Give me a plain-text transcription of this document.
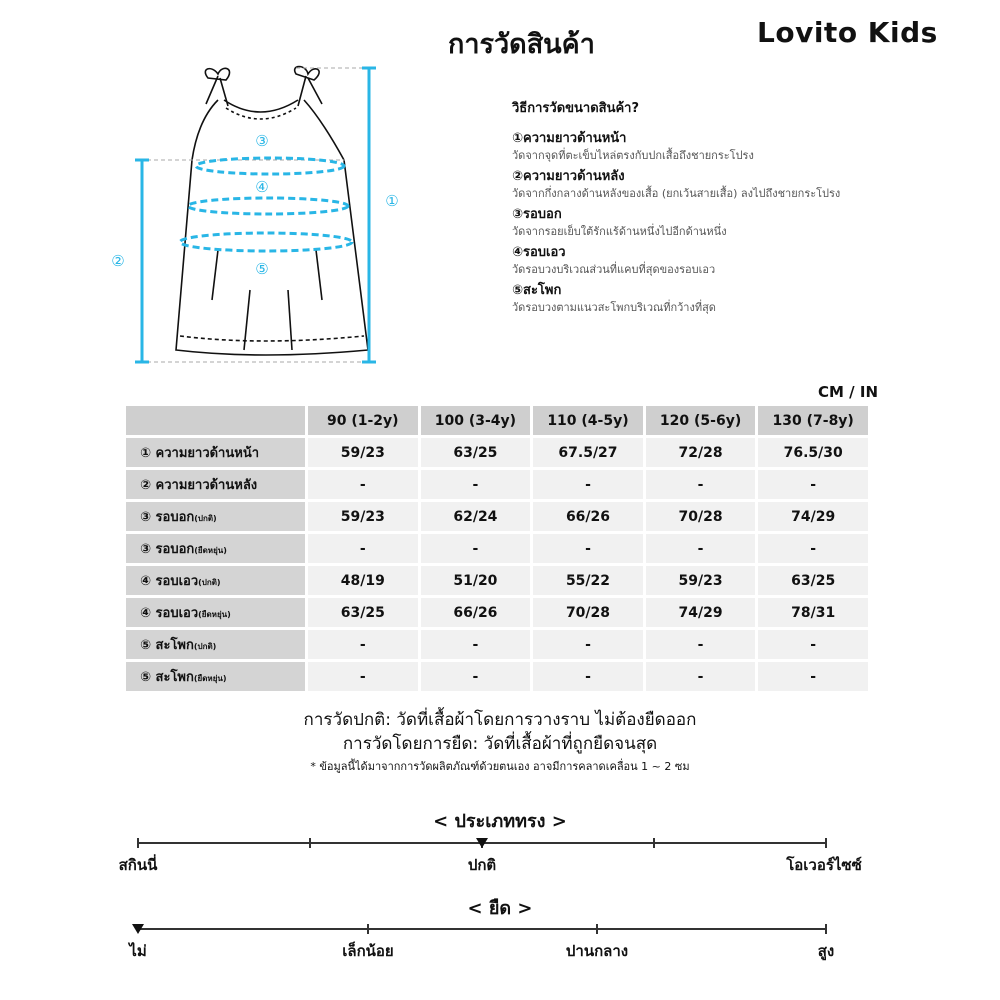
การวัดสินค้า	Lovito Kids
①
②
③
④
⑤
วิธีการวัดขนาดสินค้า?
①ความยาวด้านหน้า
วัดจากจุดที่ตะเข็บไหล่ตรงกับปกเสื้อถึงชายกระโปรง
②ความยาวด้านหลัง
วัดจากกึ่งกลางด้านหลังของเสื้อ (ยกเว้นสายเสื้อ) ลงไปถึงชายกระโปรง
③รอบอก
วัดจากรอยเย็บใต้รักแร้ด้านหนึ่งไปอีกด้านหนึ่ง
④รอบเอว
วัดรอบวงบริเวณส่วนที่แคบที่สุดของรอบเอว
⑤สะโพก
วัดรอบวงตามแนวสะโพกบริเวณที่กว้างที่สุด
CM / IN
	90 (1-2y)	100 (3-4y)	110 (4-5y)	120 (5-6y)	130 (7-8y)
① ความยาวด้านหน้า	59/23	63/25	67.5/27	72/28	76.5/30
② ความยาวด้านหลัง	-	-	-	-	-
③ รอบอก(ปกติ)	59/23	62/24	66/26	70/28	74/29
③ รอบอก(ยืดหยุ่น)	-	-	-	-	-
④ รอบเอว(ปกติ)	48/19	51/20	55/22	59/23	63/25
④ รอบเอว(ยืดหยุ่น)	63/25	66/26	70/28	74/29	78/31
⑤ สะโพก(ปกติ)	-	-	-	-	-
⑤ สะโพก(ยืดหยุ่น)	-	-	-	-	-
การวัดปกติ: วัดที่เสื้อผ้าโดยการวางราบ ไม่ต้องยืดออก
การวัดโดยการยืด: วัดที่เสื้อผ้าที่ถูกยืดจนสุด
* ข้อมูลนี้ได้มาจากการวัดผลิตภัณฑ์ด้วยตนเอง อาจมีการคลาดเคลื่อน 1 ~ 2 ซม
< ประเภททรง >
สกินนี่	ปกติ	โอเวอร์ไซซ์
< ยืด >
ไม่	เล็กน้อย	ปานกลาง	สูง
